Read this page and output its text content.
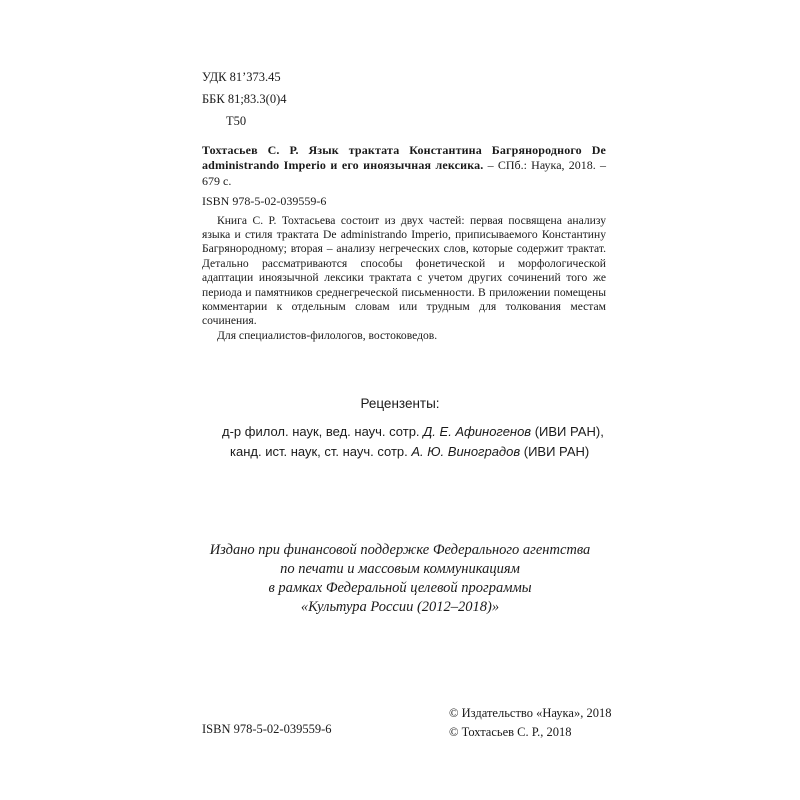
УДК 81’373.45
ББК 81;83.3(0)4
Т50

Тохтасьев С. Р. Язык трактата Константина Багрянородного De administrando Imperio и его иноязычная лексика. – СПб.: Наука, 2018. – 679 с.

ISBN 978-5-02-039559-6

Книга С. Р. Тохтасьева состоит из двух частей: первая посвящена анализу языка и стиля трактата De administrando Imperio, приписываемого Константину Багрянородному; вторая – анализу негреческих слов, которые содержит трактат. Детально рассматриваются способы фонетической и морфологической адаптации иноязычной лексики трактата с учетом других сочинений того же периода и памятников среднегреческой письменности. В приложении помещены комментарии к отдельным словам или трудным для толкования местам сочинения.

Для специалистов-филологов, востоковедов.

Рецензенты:
д-р филол. наук, вед. науч. сотр. Д. Е. Афиногенов (ИВИ РАН),
канд. ист. наук, ст. науч. сотр. А. Ю. Виноградов (ИВИ РАН)
Издано при финансовой поддержке Федерального агентства
по печати и массовым коммуникациям
в рамках Федеральной целевой программы
«Культура России (2012–2018)»
ISBN 978-5-02-039559-6
© Издательство «Наука», 2018
© Тохтасьев С. Р., 2018
